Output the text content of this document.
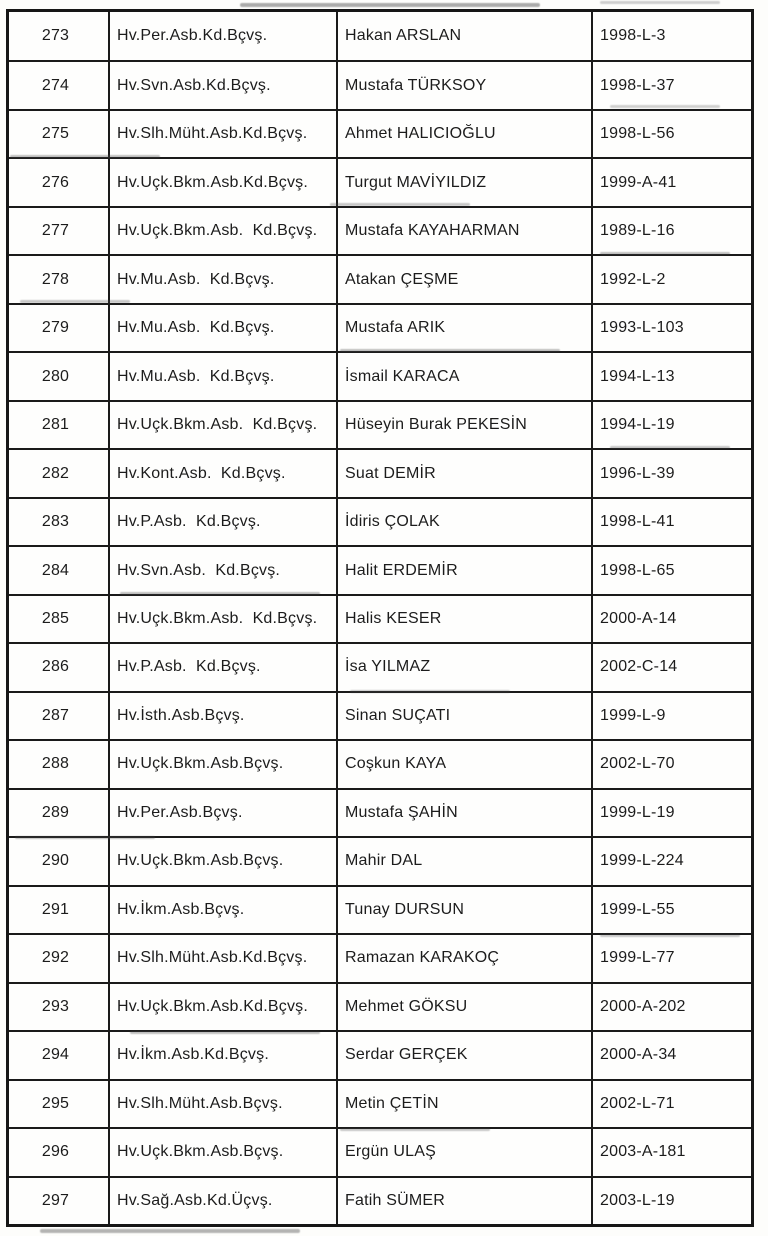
273	Hv.Per.Asb.Kd.Bçvş.	Hakan ARSLAN	1998-L-3
274	Hv.Svn.Asb.Kd.Bçvş.	Mustafa TÜRKSOY	1998-L-37
275	Hv.Slh.Müht.Asb.Kd.Bçvş.	Ahmet HALICIOĞLU	1998-L-56
276	Hv.Uçk.Bkm.Asb.Kd.Bçvş.	Turgut MAVİYILDIZ	1999-A-41
277	Hv.Uçk.Bkm.Asb.  Kd.Bçvş.	Mustafa KAYAHARMAN	1989-L-16
278	Hv.Mu.Asb.  Kd.Bçvş.	Atakan ÇEŞME	1992-L-2
279	Hv.Mu.Asb.  Kd.Bçvş.	Mustafa ARIK	1993-L-103
280	Hv.Mu.Asb.  Kd.Bçvş.	İsmail KARACA	1994-L-13
281	Hv.Uçk.Bkm.Asb.  Kd.Bçvş.	Hüseyin Burak PEKESİN	1994-L-19
282	Hv.Kont.Asb.  Kd.Bçvş.	Suat DEMİR	1996-L-39
283	Hv.P.Asb.  Kd.Bçvş.	İdiris ÇOLAK	1998-L-41
284	Hv.Svn.Asb.  Kd.Bçvş.	Halit ERDEMİR	1998-L-65
285	Hv.Uçk.Bkm.Asb.  Kd.Bçvş.	Halis KESER	2000-A-14
286	Hv.P.Asb.  Kd.Bçvş.	İsa YILMAZ	2002-C-14
287	Hv.İsth.Asb.Bçvş.	Sinan SUÇATI	1999-L-9
288	Hv.Uçk.Bkm.Asb.Bçvş.	Coşkun KAYA	2002-L-70
289	Hv.Per.Asb.Bçvş.	Mustafa ŞAHİN	1999-L-19
290	Hv.Uçk.Bkm.Asb.Bçvş.	Mahir DAL	1999-L-224
291	Hv.İkm.Asb.Bçvş.	Tunay DURSUN	1999-L-55
292	Hv.Slh.Müht.Asb.Kd.Bçvş.	Ramazan KARAKOÇ	1999-L-77
293	Hv.Uçk.Bkm.Asb.Kd.Bçvş.	Mehmet GÖKSU	2000-A-202
294	Hv.İkm.Asb.Kd.Bçvş.	Serdar GERÇEK	2000-A-34
295	Hv.Slh.Müht.Asb.Bçvş.	Metin ÇETİN	2002-L-71
296	Hv.Uçk.Bkm.Asb.Bçvş.	Ergün ULAŞ	2003-A-181
297	Hv.Sağ.Asb.Kd.Üçvş.	Fatih SÜMER	2003-L-19
